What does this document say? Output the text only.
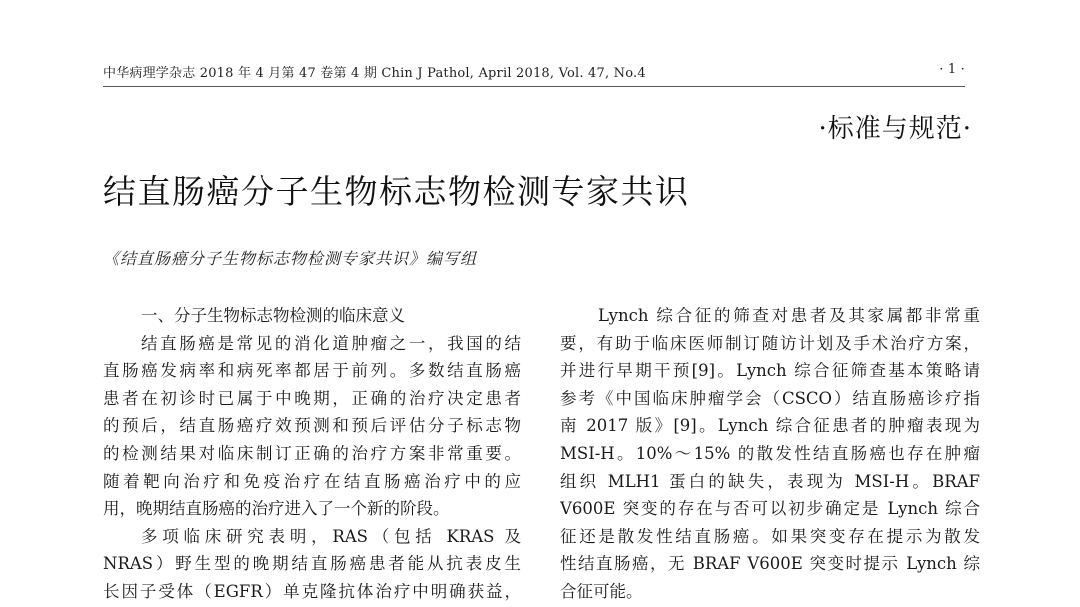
中华病理学杂志 2018 年 4 月第 47 卷第 4 期 Chin J Pathol, April 2018, Vol. 47, No.4	· 1 ·
·标准与规范·
结直肠癌分子生物标志物检测专家共识
《结直肠癌分子生物标志物检测专家共识》编写组
一、分子生物标志物检测的临床意义
结直肠癌是常见的消化道肿瘤之一，我国的结
直肠癌发病率和病死率都居于前列。多数结直肠癌
患者在初诊时已属于中晚期，正确的治疗决定患者
的预后，结直肠癌疗效预测和预后评估分子标志物
的检测结果对临床制订正确的治疗方案非常重要。
随着靶向治疗和免疫治疗在结直肠癌治疗中的应
用，晚期结直肠癌的治疗进入了一个新的阶段。
多项临床研究表明，RAS（包括 KRAS 及
NRAS）野生型的晚期结直肠癌患者能从抗表皮生
长因子受体（EGFR）单克隆抗体治疗中明确获益，
Lynch 综合征的筛查对患者及其家属都非常重
要，有助于临床医师制订随访计划及手术治疗方案，
并进行早期干预[9]。Lynch 综合征筛查基本策略请
参考《中国临床肿瘤学会（CSCO）结直肠癌诊疗指
南 2017 版》[9]。Lynch 综合征患者的肿瘤表现为
MSI-H。10%～15% 的散发性结直肠癌也存在肿瘤
组织 MLH1 蛋白的缺失，表现为 MSI-H。BRAF
V600E 突变的存在与否可以初步确定是 Lynch 综合
征还是散发性结直肠癌。如果突变存在提示为散发
性结直肠癌，无 BRAF V600E 突变时提示 Lynch 综
合征可能。
